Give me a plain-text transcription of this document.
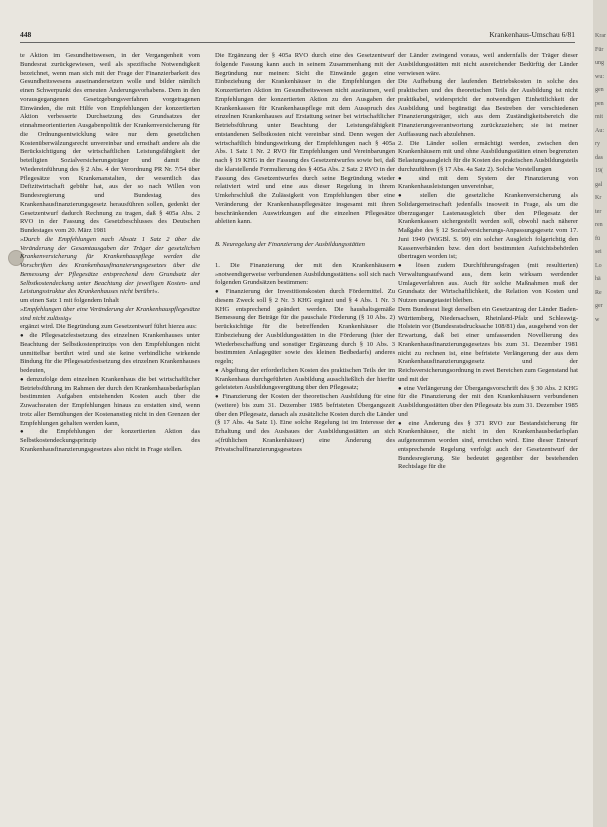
448	Krankenhaus-Umschau 6/81

te Aktion im Gesundheitswesen, in der Vergangenheit vom Bundesrat zurückgewiesen, weil als spezifische Notwendigkeit bezeichnet, wenn man sich mit der Frage der Finanzierbarkeit des Gesundheitswesens auseinandersetzen wolle und bilder nämlich einen Schwerpunkt des erneuten Änderungsvorhabens. Dem in den vorausgegangenen Gesetzgebungsverfahren vorgetragenen Einwänden, die mit Hilfe von Empfehlungen der konzertierten Aktion verbesserte Durchsetzung des Grundsatzes der einnahmeorientierten Ausgabenpolitik der Krankenversicherung für die Ordnungsentwicklung wäre nur dem gesetzlichen Kostenüberwälzungsrecht unvereinbar und ernsthaft andere als die Berücksichtigung der wirtschaftlichen Leistungsfähigkeit der beteiligten Sozialversicherungsträger und damit die Wiedereinführung des § 2 Abs. 4 der Verordnung PR Nr. 7/54 über Pflegesätze von Krankenanstalten, der wesentlich das Defizitwirtschaft gebühr hat, aus der so nach Willen von Bundesregierung und Bundestag des Krankenhausfinanzierungsgesetz herausführen sollen, gedenkt der Gesetzentwurf dadurch Rechnung zu tragen, daß § 405a Abs. 2 RVO in der Fassung des Gesetzbeschlusses des Deutschen Bundestages vom 20. März 1981

»Durch die Empfehlungen nach Absatz 1 Satz 2 über die Veränderung der Gesamtausgaben der Träger der gesetzlichen Krankenversicherung für Krankenhauspflege werden die Vorschriften des Krankenhausfinanzierungsgesetzes über die Bemessung der Pflegesätze entsprechend dem Grundsatz der Selbstkostendeckung unter Beachtung der jeweiligen Kosten- und Leistungsstruktur des Krankenhauses nicht berührt«.

um einen Satz 1 mit folgendem Inhalt

»Empfehlungen über eine Veränderung der Krankenhauspflegesätze sind nicht zulässig«

ergänzt wird. Die Begründung zum Gesetzentwurf führt hierzu aus:

● die Pflegesatzfestsetzung des einzelnen Krankenhauses unter Beachtung der Selbstkostenprinzips von den Empfehlungen nicht unmittelbar berührt wird und sie keine verbindliche wirkende Bindung für die Pflegesatzfestsetzung des einzelnen Krankenhauses bedeuten,

● demzufolge dem einzelnen Krankenhaus die bei wirtschaftlicher Betriebsführung im Rahmen der durch den Krankenhausbedarfsplan bestimmten Aufgaben entstehenden Kosten auch über die Zuwachsraten der Empfehlungen hinaus zu erstatten sind, wenn trotz aller Bemühungen der Kostenanstieg nicht in den Grenzen der Empfehlungen gehalten werden kann,

● die Empfehlungen der konzertierten Aktion das Selbstkostendeckungsprinzip des Krankenhausfinanzierungsgesetzes also nicht in Frage stellen.

Die Ergänzung der § 405a RVO durch eine des Gesetzentwurf folgende Fassung kann auch in seinem Zusammenhang mit der Begründung nur meinen: Sicht die Einwände gegen eine Einbeziehung der Krankenhäuser in die Empfehlungen der Konzertierten Aktion im Gesundheitswesen nicht ausräumen, weil Empfehlungen der konzertierten Aktion zu den Ausgaben der Krankenkassen für Krankenhauspflege mit dem Ausspruch des einzelnen Krankenhauses auf Erstattung seiner bei wirtschaftlicher Betriebsführung unter Beachtung der Leistungsfähigkeit entstandenen Selbstkosten nicht vereinbar sind. Denn wegen der wirtschaftlich bindungswirkung der Empfehlungen nach § 405a Abs. 1 Satz 1 Nr. 2 RVO für Empfehlungen und Vereinbarungen nach § 19 KHG in der Fassung des Gesetzentwurfes sowie bei, daß die klarstellende Formulierung des § 405a Abs. 2 Satz 2 RVO in der Fassung des Gesetzentwurfes durch seine Begründung wieder relativiert wird und eine aus dieser Regelung in ihrem Umkehrschluß die Zulässigkeit von Empfehlungen über eine Veränderung der Krankenhauspflegesätze insgesamt mit ihren beschränkenden Auswirkungen auf die einzelnen Pflegesätze ableiten kann.

B. Neuregelung der Finanzierung der Ausbildungsstätten

1. Die Finanzierung der mit den Krankenhäusern »notwendigerweise verbundenen Ausbildungsstätten« soll sich nach folgenden Grundsätzen bestimmen:

● Finanzierung der Investitionskosten durch Fördermittel. Zu diesem Zweck soll § 2 Nr. 3 KHG ergänzt und § 4 Abs. 1 Nr. 3 KHG entsprechend geändert werden. Die haushaltsgemäße Bemessung der Beträge für die pauschale Förderung (§ 10 Abs. 2) berücksichtige für die betreffenden Krankenhäuser die Einbeziehung der Ausbildungsstätten in die Förderung (hier der Wiederbeschaffung und sonstiger Ergänzung durch § 10 Abs. 3 bestimmten Anlagegüter sowie des kleinen Bedbedarfs) anderes regeln;

● Abgeltung der erforderlichen Kosten des praktischen Teils der im Krankenhaus durchgeführten Ausbildung ausschließlich der hierfür geleisteten Ausbildungsvergütung über den Pflegesatz;

● Finanzierung der Kosten der theoretischen Ausbildung für eine (weitere) bis zum 31. Dezember 1985 befristeten Übergangszeit über den Pflegesatz, danach als zusätzliche Kosten durch die Länder (§ 17 Abs. 4a Satz 1). Eine solche Regelung ist im Interesse der Erhaltung und des Ausbaues der Ausbildungsstätten an sich »(frühlichen Krankenhäuser) eine Änderung des Privatschulfinanzierungsgesetzes

der Länder zwingend voraus, weil andernfalls der Träger dieser Ausbildungsstätten mit nicht ausreichender Bedürftig der Länder verwiesen wäre.

Die Aufhebung der laufenden Betriebskosten in solche des praktischen und des theoretischen Teils der Ausbildung ist nicht praktikabel, widerspricht der notwendigen Einheitlichkeit der Ausbildung und begünstigt das Bestreben der verschiedenen Finanzierungsträger, sich aus dem Zuständigkeitsbereich die Finanzierungsverantwortung zurückzuziehen; sie ist meiner Auffassung nach abzulehnen.

2. Die Länder sollen ermächtigt werden, zwischen den Krankenhäusern mit und ohne Ausbildungsstätten einen begrenzten Belastungsausgleich für die Kosten des praktischen Ausbildungsteils durchzuführen (§ 17 Abs. 4a Satz 2). Solche Vorstellungen

● sind mit dem System der Finanzierung von Krankenhausleistungen unvereinbar,

● stellen die gesetzliche Krankenversicherung als Solidargemeinschaft jedenfalls insoweit in Frage, als um die überzuganger Lastenausgleich über den Pflegesatz der Krankenkassen sichergestellt werden soll, obwohl nach näherer Maßgabe des § 12 Sozialversicherungs-Anpassungsgesetz vom 17. Juni 1949 (WiGBl. S. 99) ein solcher Ausgleich folgerichtig den Kassenverbänden bzw. den dort bestimmten Aufsichtsbehörden übertragen worden ist;

● lösen zudem Durchführungsfragen (mit resultierten) Verwaltungsaufwand aus, dem kein wirksam werdender Umlageverfahren aus. Auch für solche Maßnahmen muß der Grundsatz der Wirtschaftlichkeit, die Relation von Kosten und Nutzen unangetastet bleiben.

Dem Bundesrat liegt derselben ein Gesetzantrag der Länder Baden-Württemberg, Niedersachsen, Rheinland-Pfalz und Schleswig-Holstein vor (Bundesratsdrucksache 108/81) das, ausgehend von der Erwartung, daß bei einer umfassenden Novellierung des Krankenhausfinanzierungsgesetzes bis zum 31. Dezember 1981 nicht zu rechnen ist, eine befristete Verlängerung der aus dem Krankenhausfinanzierungsgesetz und der Reichsversicherungsordnung in zwei Bereichen zum Gegenstand hat und mit der

● eine Verlängerung der Übergangsvorschrift des § 30 Abs. 2 KHG für die Finanzierung der mit den Krankenhäusern verbundenen Ausbildungsstätten über den Pflegesatz bis zum 31. Dezember 1985 und

● eine Änderung des § 371 RVO zur Bestandsicherung für Krankenhäuser, die nicht in den Krankenhausbedarfsplan aufgenommen worden sind, erreichen wird. Eine dieser Entwurf entsprechende Regelung verfolgt auch der Gesetzentwurf der Bundesregierung. Sie bedeutet gegenüber der bestehenden Rechtslage für die

Krar Für ung wu: gen pen mit Au: ry das 19( gal Kr ter ren fü sei Lo hä Re ger w
